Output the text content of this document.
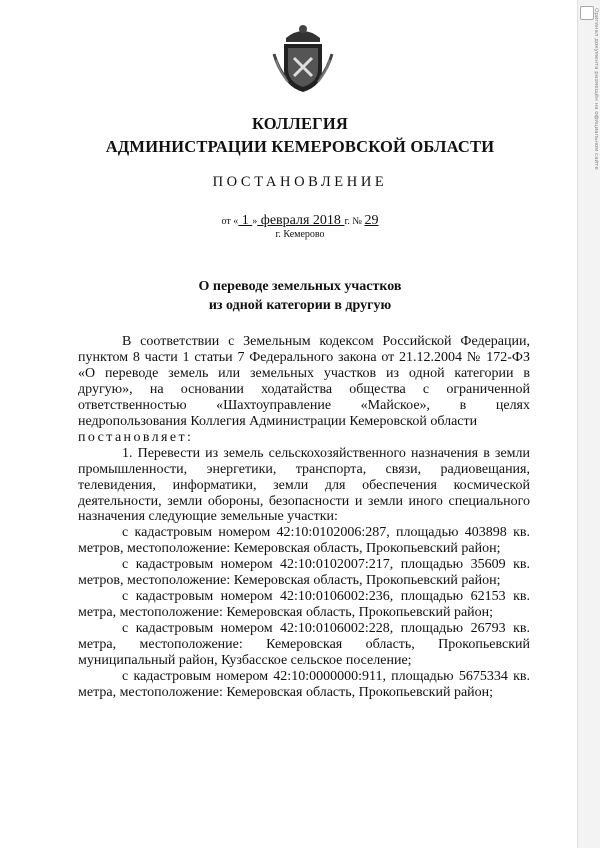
КОЛЛЕГИЯ
АДМИНИСТРАЦИИ КЕМЕРОВСКОЙ ОБЛАСТИ
ПОСТАНОВЛЕНИЕ
от « 1 » февраля 2018 г. № 29
г. Кемерово
О переводе земельных участков
из одной категории в другую

В соответствии с Земельным кодексом Российской Федерации, пунктом 8 части 1 статьи 7 Федерального закона от 21.12.2004 № 172-ФЗ «О переводе земель или земельных участков из одной категории в другую», на основании ходатайства общества с ограниченной ответственностью «Шахтоуправление «Майское», в целях недропользования Коллегия Администрации Кемеровской области

постановляет:

1. Перевести из земель сельскохозяйственного назначения в земли промышленности, энергетики, транспорта, связи, радиовещания, телевидения, информатики, земли для обеспечения космической деятельности, земли обороны, безопасности и земли иного специального назначения следующие земельные участки:

с кадастровым номером 42:10:0102006:287, площадью 403898 кв. метров, местоположение: Кемеровская область, Прокопьевский район;

с кадастровым номером 42:10:0102007:217, площадью 35609 кв. метров, местоположение: Кемеровская область, Прокопьевский район;

с кадастровым номером 42:10:0106002:236, площадью 62153 кв. метра, местоположение: Кемеровская область, Прокопьевский район;

с кадастровым номером 42:10:0106002:228, площадью 26793 кв. метра, местоположение: Кемеровская область, Прокопьевский муниципальный район, Кузбасское сельское поселение;

с кадастровым номером 42:10:0000000:911, площадью 5675334 кв. метра, местоположение: Кемеровская область, Прокопьевский район;

Оригинал документа размещён на официальном сайте
